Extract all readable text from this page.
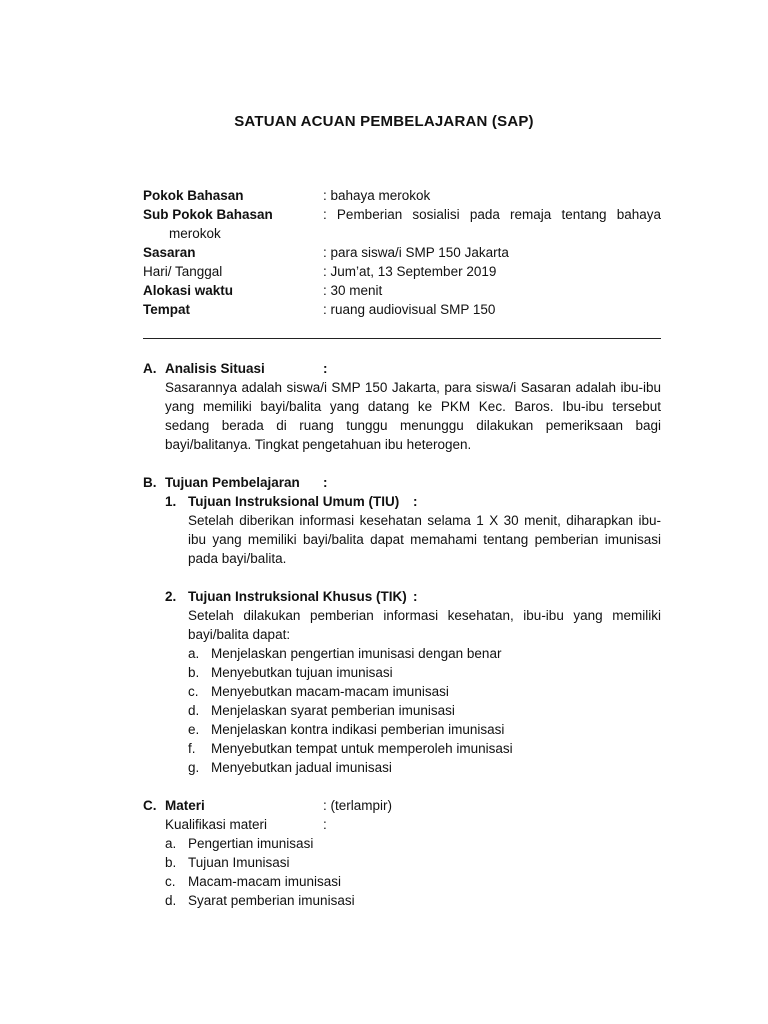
SATUAN ACUAN PEMBELAJARAN (SAP)
Pokok Bahasan	: bahaya merokok
Sub Pokok Bahasan	: Pemberian sosialisi pada remaja tentang bahaya
merokok
Sasaran	: para siswa/i SMP 150 Jakarta
Hari/ Tanggal	: Jum’at, 13 September 2019
Alokasi waktu	: 30 menit
Tempat	: ruang audiovisual SMP 150
A. Analisis Situasi	:
Sasarannya adalah siswa/i SMP 150 Jakarta, para siswa/i Sasaran adalah ibu-ibu
yang memiliki bayi/balita yang datang ke PKM Kec. Baros. Ibu-ibu tersebut
sedang berada di ruang tunggu menunggu dilakukan pemeriksaan bagi
bayi/balitanya. Tingkat pengetahuan ibu heterogen.
B. Tujuan Pembelajaran :
1. Tujuan Instruksional Umum (TIU) :
Setelah diberikan informasi kesehatan selama 1 X 30 menit, diharapkan ibu-
ibu yang memiliki bayi/balita dapat memahami tentang pemberian imunisasi
pada bayi/balita.
2. Tujuan Instruksional Khusus (TIK) :
Setelah dilakukan pemberian informasi kesehatan, ibu-ibu yang memiliki
bayi/balita dapat:
a. Menjelaskan pengertian imunisasi dengan benar
b. Menyebutkan tujuan imunisasi
c. Menyebutkan macam-macam imunisasi
d. Menjelaskan syarat pemberian imunisasi
e. Menjelaskan kontra indikasi pemberian imunisasi
f. Menyebutkan tempat untuk memperoleh imunisasi
g. Menyebutkan jadual imunisasi
C. Materi	: (terlampir)
Kualifikasi materi	:
a. Pengertian imunisasi
b. Tujuan Imunisasi
c. Macam-macam imunisasi
d. Syarat pemberian imunisasi
